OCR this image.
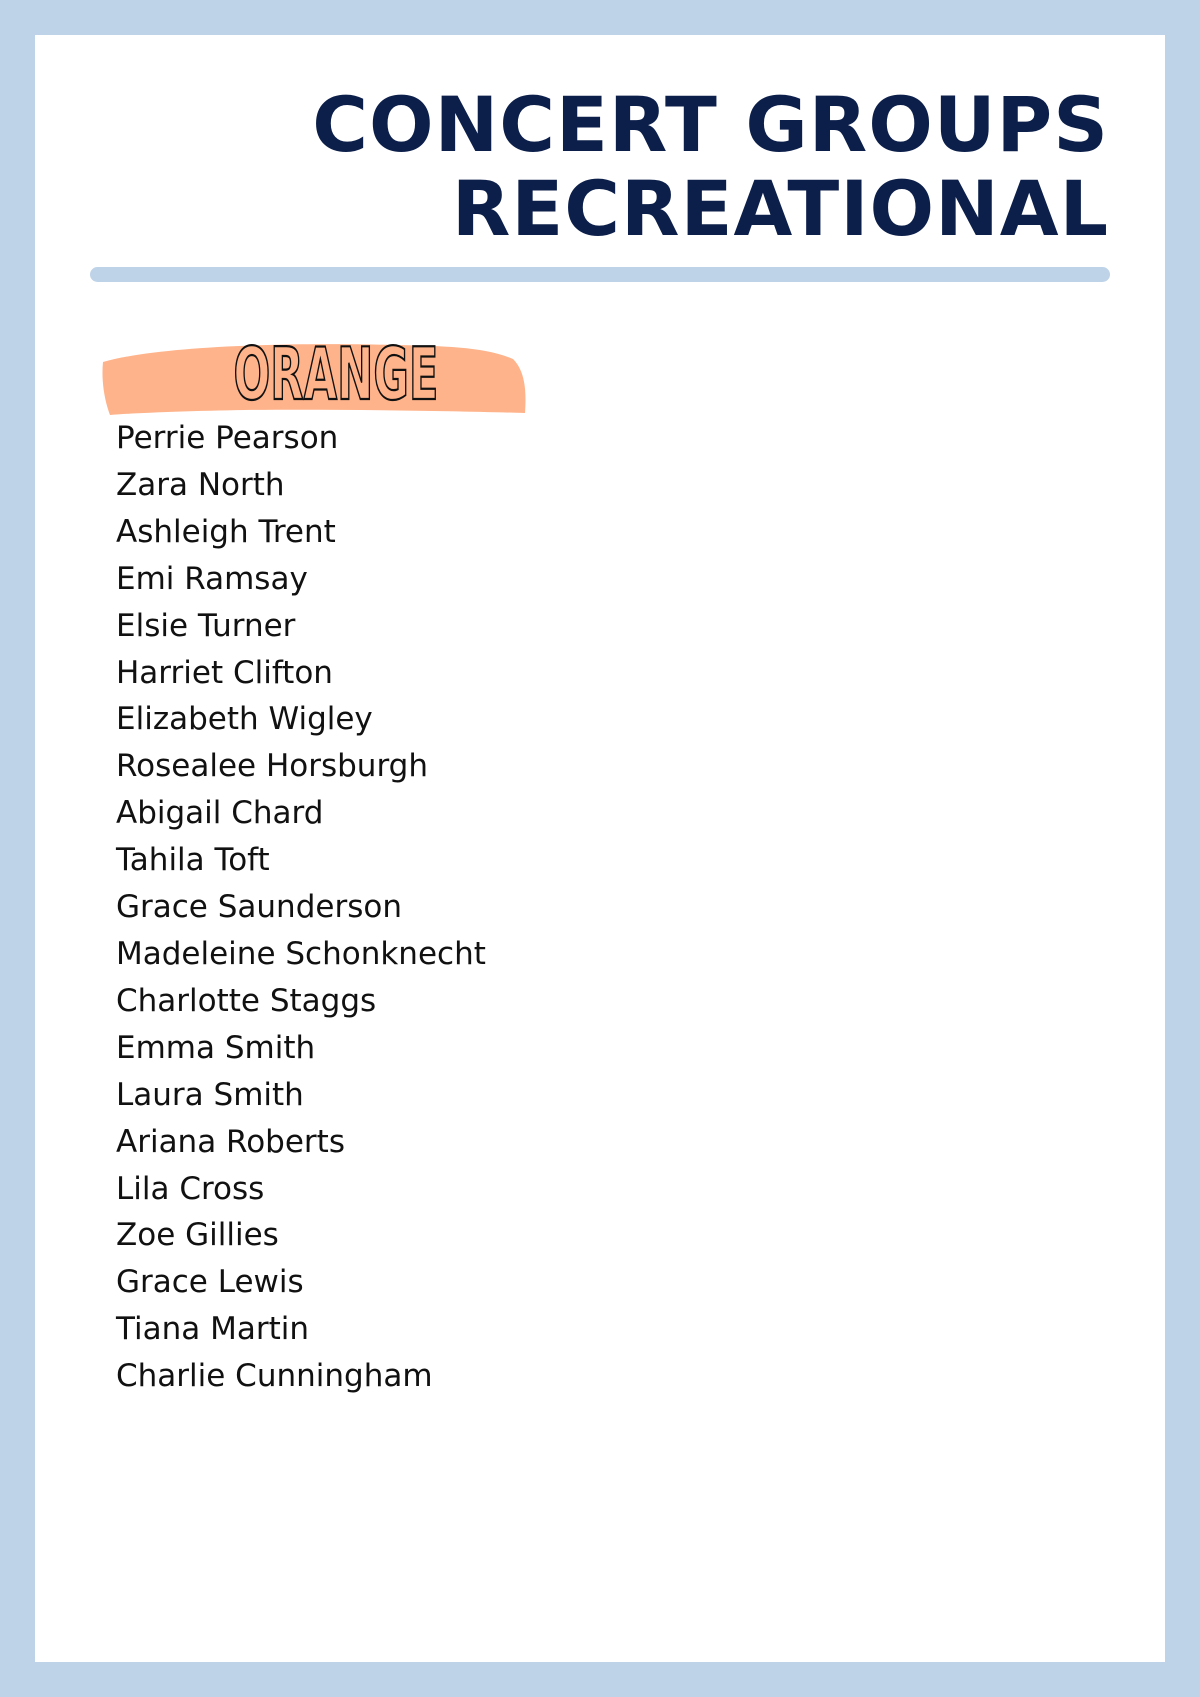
CONCERT GROUPS
RECREATIONAL
ORANGE
Perrie Pearson
Zara North
Ashleigh Trent
Emi Ramsay
Elsie Turner
Harriet Clifton
Elizabeth Wigley
Rosealee Horsburgh
Abigail Chard
Tahila Toft
Grace Saunderson
Madeleine Schonknecht
Charlotte Staggs
Emma Smith
Laura Smith
Ariana Roberts
Lila Cross
Zoe Gillies
Grace Lewis
Tiana Martin
Charlie Cunningham
